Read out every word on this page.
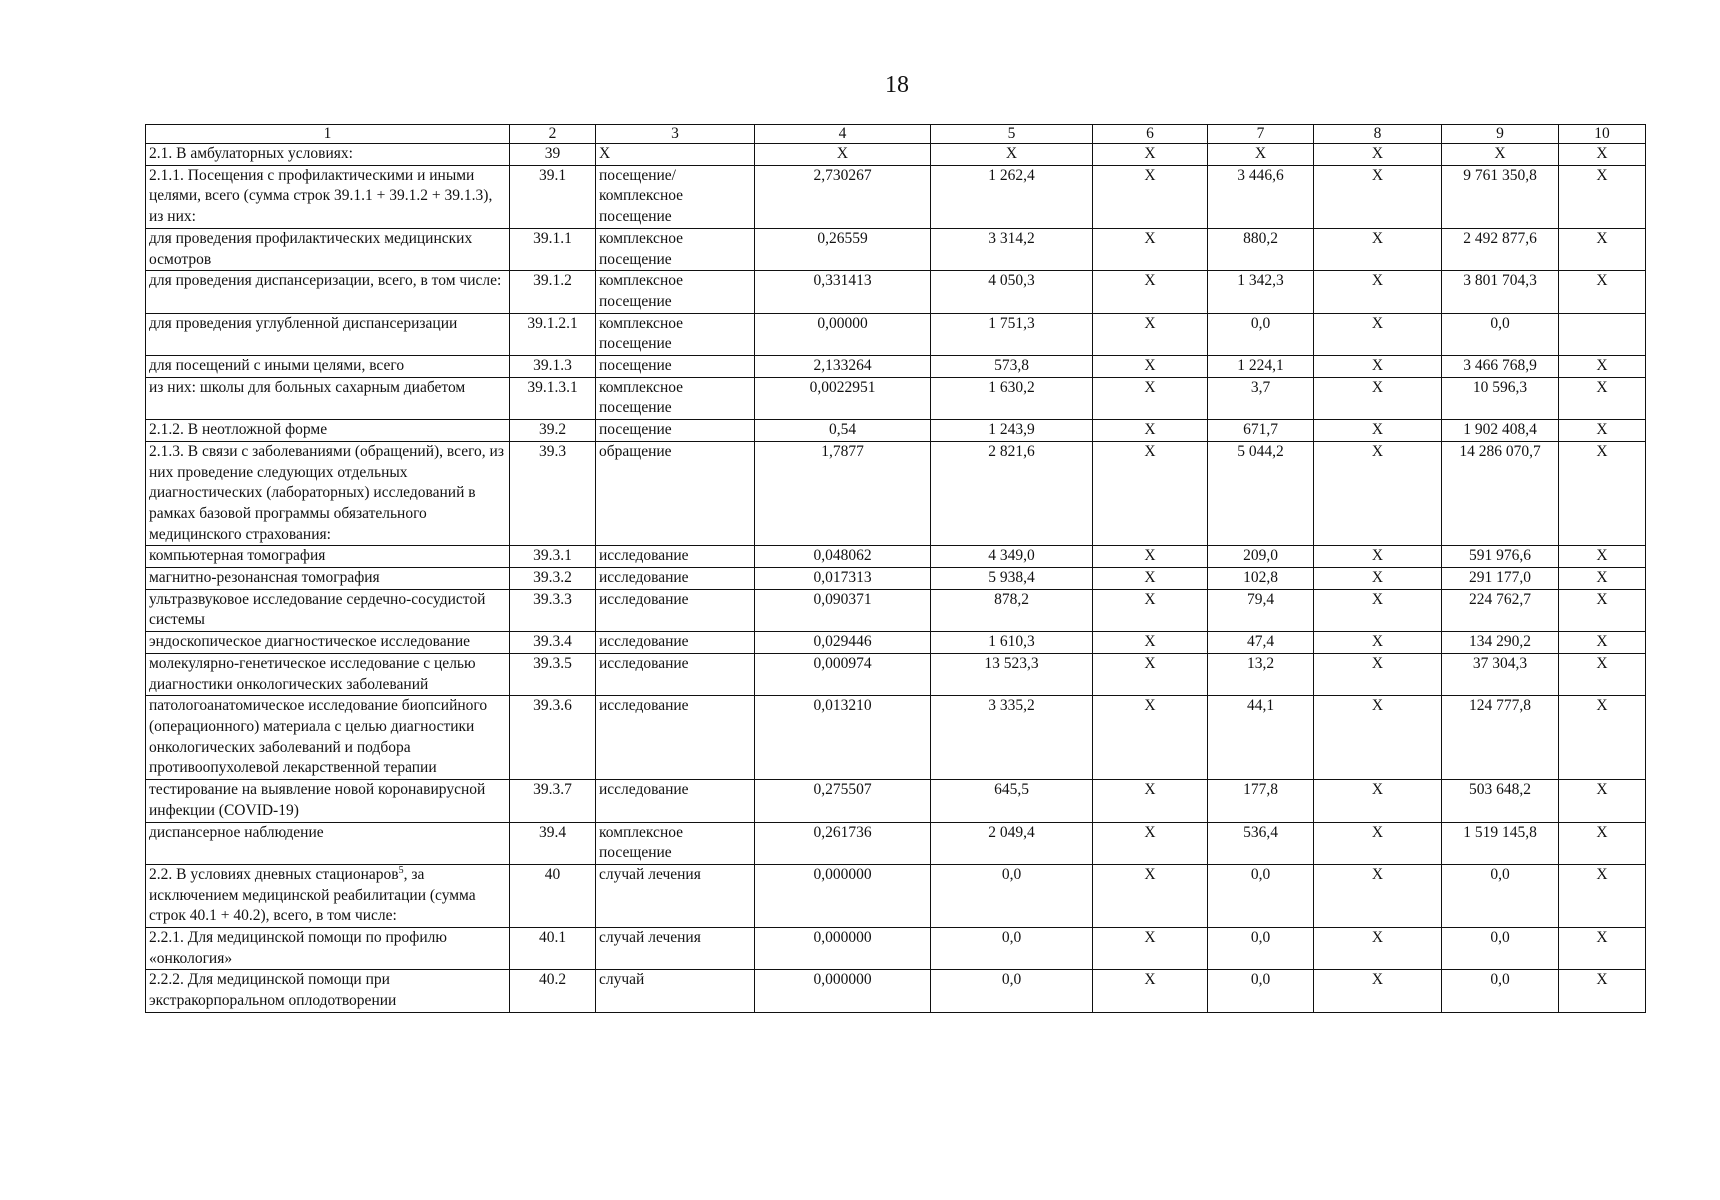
18
1	2	3	4	5	6	7	8	9	10
2.1. В амбулаторных условиях:	39	Х	Х	Х	Х	Х	Х	Х	Х
2.1.1. Посещения с профилактическими и иными целями, всего (сумма строк 39.1.1 + 39.1.2 + 39.1.3), из них:	39.1	посещение/ комплексное посещение	2,730267	1 262,4	Х	3 446,6	Х	9 761 350,8	Х
для проведения профилактических медицинских осмотров	39.1.1	комплексное посещение	0,26559	3 314,2	Х	880,2	Х	2 492 877,6	Х
для проведения диспансеризации, всего, в том числе:	39.1.2	комплексное посещение	0,331413	4 050,3	Х	1 342,3	Х	3 801 704,3	Х
для проведения углубленной диспансеризации	39.1.2.1	комплексное посещение	0,00000	1 751,3	Х	0,0	Х	0,0	
для посещений с иными целями, всего	39.1.3	посещение	2,133264	573,8	Х	1 224,1	Х	3 466 768,9	Х
из них: школы для больных сахарным диабетом	39.1.3.1	комплексное посещение	0,0022951	1 630,2	Х	3,7	Х	10 596,3	Х
2.1.2. В неотложной форме	39.2	посещение	0,54	1 243,9	Х	671,7	Х	1 902 408,4	Х
2.1.3. В связи с заболеваниями (обращений), всего, из них проведение следующих отдельных диагностических (лабораторных) исследований в рамках базовой программы обязательного медицинского страхования:	39.3	обращение	1,7877	2 821,6	Х	5 044,2	Х	14 286 070,7	Х
компьютерная томография	39.3.1	исследование	0,048062	4 349,0	Х	209,0	Х	591 976,6	Х
магнитно-резонансная томография	39.3.2	исследование	0,017313	5 938,4	Х	102,8	Х	291 177,0	Х
ультразвуковое исследование сердечно-сосудистой системы	39.3.3	исследование	0,090371	878,2	Х	79,4	Х	224 762,7	Х
эндоскопическое диагностическое исследование	39.3.4	исследование	0,029446	1 610,3	Х	47,4	Х	134 290,2	Х
молекулярно-генетическое исследование с целью диагностики онкологических заболеваний	39.3.5	исследование	0,000974	13 523,3	Х	13,2	Х	37 304,3	Х
патологоанатомическое исследование биопсийного (операционного) материала с целью диагностики онкологических заболеваний и подбора противоопухолевой лекарственной терапии	39.3.6	исследование	0,013210	3 335,2	Х	44,1	Х	124 777,8	Х
тестирование на выявление новой коронавирусной инфекции (COVID-19)	39.3.7	исследование	0,275507	645,5	Х	177,8	Х	503 648,2	Х
диспансерное наблюдение	39.4	комплексное посещение	0,261736	2 049,4	Х	536,4	Х	1 519 145,8	Х
2.2. В условиях дневных стационаров$^5$, за исключением медицинской реабилитации (сумма строк 40.1 + 40.2), всего, в том числе:	40	случай лечения	0,000000	0,0	Х	0,0	Х	0,0	Х
2.2.1. Для медицинской помощи по профилю «онкология»	40.1	случай лечения	0,000000	0,0	Х	0,0	Х	0,0	Х
2.2.2. Для медицинской помощи при экстракорпоральном оплодотворении	40.2	случай	0,000000	0,0	Х	0,0	Х	0,0	Х
